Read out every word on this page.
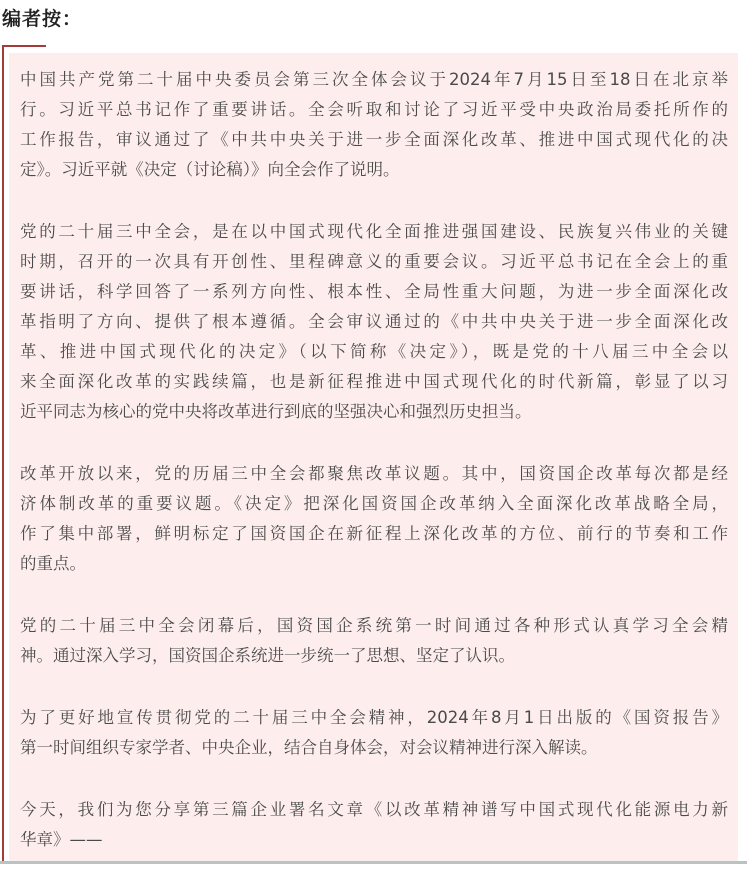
编者按：
中国共产党第二十届中央委员会第三次全体会议于2024年7月15日至18日在北京举
行。习近平总书记作了重要讲话。全会听取和讨论了习近平受中央政治局委托所作的
工作报告，审议通过了《中共中央关于进一步全面深化改革、推进中国式现代化的决
定》。习近平就《决定（讨论稿）》向全会作了说明。
党的二十届三中全会，是在以中国式现代化全面推进强国建设、民族复兴伟业的关键
时期，召开的一次具有开创性、里程碑意义的重要会议。习近平总书记在全会上的重
要讲话，科学回答了一系列方向性、根本性、全局性重大问题，为进一步全面深化改
革指明了方向、提供了根本遵循。全会审议通过的《中共中央关于进一步全面深化改
革、推进中国式现代化的决定》（以下简称《决定》），既是党的十八届三中全会以
来全面深化改革的实践续篇，也是新征程推进中国式现代化的时代新篇，彰显了以习
近平同志为核心的党中央将改革进行到底的坚强决心和强烈历史担当。
改革开放以来，党的历届三中全会都聚焦改革议题。其中，国资国企改革每次都是经
济体制改革的重要议题。《决定》把深化国资国企改革纳入全面深化改革战略全局，
作了集中部署，鲜明标定了国资国企在新征程上深化改革的方位、前行的节奏和工作
的重点。
党的二十届三中全会闭幕后，国资国企系统第一时间通过各种形式认真学习全会精
神。通过深入学习，国资国企系统进一步统一了思想、坚定了认识。
为了更好地宣传贯彻党的二十届三中全会精神，2024年8月1日出版的《国资报告》
第一时间组织专家学者、中央企业，结合自身体会，对会议精神进行深入解读。
今天，我们为您分享第三篇企业署名文章《以改革精神谱写中国式现代化能源电力新
华章》——
